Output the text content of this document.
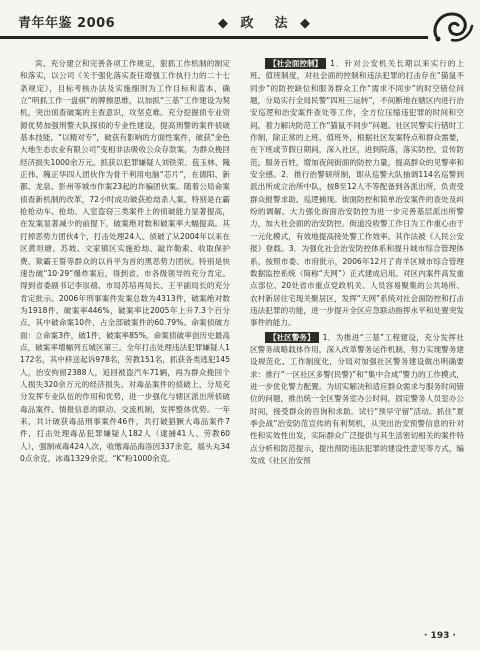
青年年鉴 2006	◆ 政　法 ◆

宾、充分建立和完善各项工作规定，狠抓工作机制的制定和落实，以公司《关于强化落实查任增强工作执行力的二十七条规定》，目标考核办法及实施细则为工作目标和蓝本，确立“明抓工作一盘棋”的牌擦思维，以加抓“三基”工作建设为契机，突出侦查破案的主查意识，攻坚克难。充分挖掘侦专业资源优势加强刑警大队探侦的专业性建设，提高刑警的案件侦破基本技能，“以精对专”，破获有影响的方面性案件，破获“金色大地生态农业有限公司”变相非法吸收公众存款案，为群众挽回经济损失1000余万元。抓获以犯罪嫌疑人刘铁荣、苞玉林、隗正伟、隗正华四人团伙作为骨干利用电脑“芯片”，在德阳、新都、龙泉、彭州等城市作案23起的诈骗团伙案。随着公局命案侦查新机制的改革，72小时成功破获抢劫杀人案、特别是在霸抢抢动车、抢劫、入室盗窃三类案件上的侦破能力显著提高，在发案显著减少的前提下，破案绝对数和破案率大幅提高。其打掉恶势力团伙4个，打击处理24人。侦破了从2004年以来在区黄坦塘、苏坡、文家镇区实施抢劫、敲诈勒索、收取保护费，欺霸王誓等群众的以肖平为首的黑恶势力团伙。特别是快速告破“10·29”爆炸案后，得到省、市各级领导的充分肯定。得到省委副书记李崇禧、市局苏培再局长、王平副局长的充分肯定批示。2006年刑事案件发案总数为4313件，破案绝对数为1918件，破案率446%，破案率比2005年上升7.3个百分点，其中破命案10件，占全部破案件的60.79%。命案侦破方面：立命案3件，破1件，破案率85%，命案侦破率创历史最高点，破案率增幅列五城区第三。全年打击处理违法犯罪嫌疑人1172名，其中移送起诉978名，劳教151名，抓获各类逃犯145人，治安拘留2388人，追回被盗汽车71辆，再为群众挽回个人损失320余万元的经济损失。对毒品案件的侦破上，分局充分发挥专业队伍的作用和优势，进一步强化与辖区派出所侦破毒品案件、情报信息的联动、交流机制，发挥整体优势。一年来，共计破获毒品刑事案件46件，共打破猖獗大毒品案件7件，打击处理毒品犯罪嫌疑人182人（逮捕41人、劳教60人），强制戒毒424人次，收缴毒品海洛因337余克，摇头丸340点余克，冰毒1329余克，“K”粉1000余克。

【社会面控制】 1．针对公安机关长期以来实行的上班、值班制度，对社会面的控制和违法犯罪的打击存在“猫鼠不同步”的防控缺位和服务群众工作“需求不同步”的时空错位问题，分局实行全局民警“四班三运转”，不间断地在辖区内进行治安巡逻和治安案件查处等工作，全方位压缩违犯罪的时间和空间，着力解决防范工作“猫鼠不同步”问题。社区民警实行错时工作制，除正常的上班、值班外，根据社区发案特点和群众需要，在下班或节假日期间，深入社区，进到院落，落实防控，宣传防范，服务百姓，增加夜间街面的防控力量，提高群众的见警率和安全感。2．推行治警研所制，即从巡警大队抽调114名巡警到派出所成立治所中队，按8至12人不等配备到各派出所，负责受群众报警求助、巡逻捕现。街面防控和简单治安案件的查处及纠纷的调解。大力强化街面治安防控为进一步完善基层派出所警力，加大社会面的治安防控。街道没收警工作日为工作重心由于一元化模式，有效地提高接处警工作效率。其作法被《人民公安报》登载。3．为强化社会治安防控体系和提升城市综合管理体系，按照市委、市府批示，2006年12月了青羊区城市综合管理数据监控系统（简称“天网”）正式建成启用。对区内案件高发重点部位、20处省市重点党政机关、人员容易聚集的公共场所、农村新居住宅现关聚居区，发挥“天网”系统对社会面防控和打击违法犯罪的功能，进一步提升全区应急联动指挥水平和处置突发事件的能力。

【社区警务】 1．为推进“三基”工程建设，充分发挥社区警务战略载体作用，深入改革警务运作机制，努力实现警务建设规范化、工作制度化，分局对加强社区警务建设做出明确要求：推行“一区社区多警(民警)”和“集中合成”警力的工作模式，进一步优化警力配置。为切实解决和适应群众需求与服务时间错位的问题，推出统一全区警务室办公时间，固定警务人员室办公时间，接受群众的咨询和求助。试行“预早守留”活动。抓住“夏季会战”治安防范宣传的有利契机，从突出治安预警信息的针对性和实效性出发，实际群众广泛提供与其生活密切相关的案件特点分析和防范提示，提出预防违法犯罪的建设性意见等方式，编发成《社区治安预

· 193 ·
